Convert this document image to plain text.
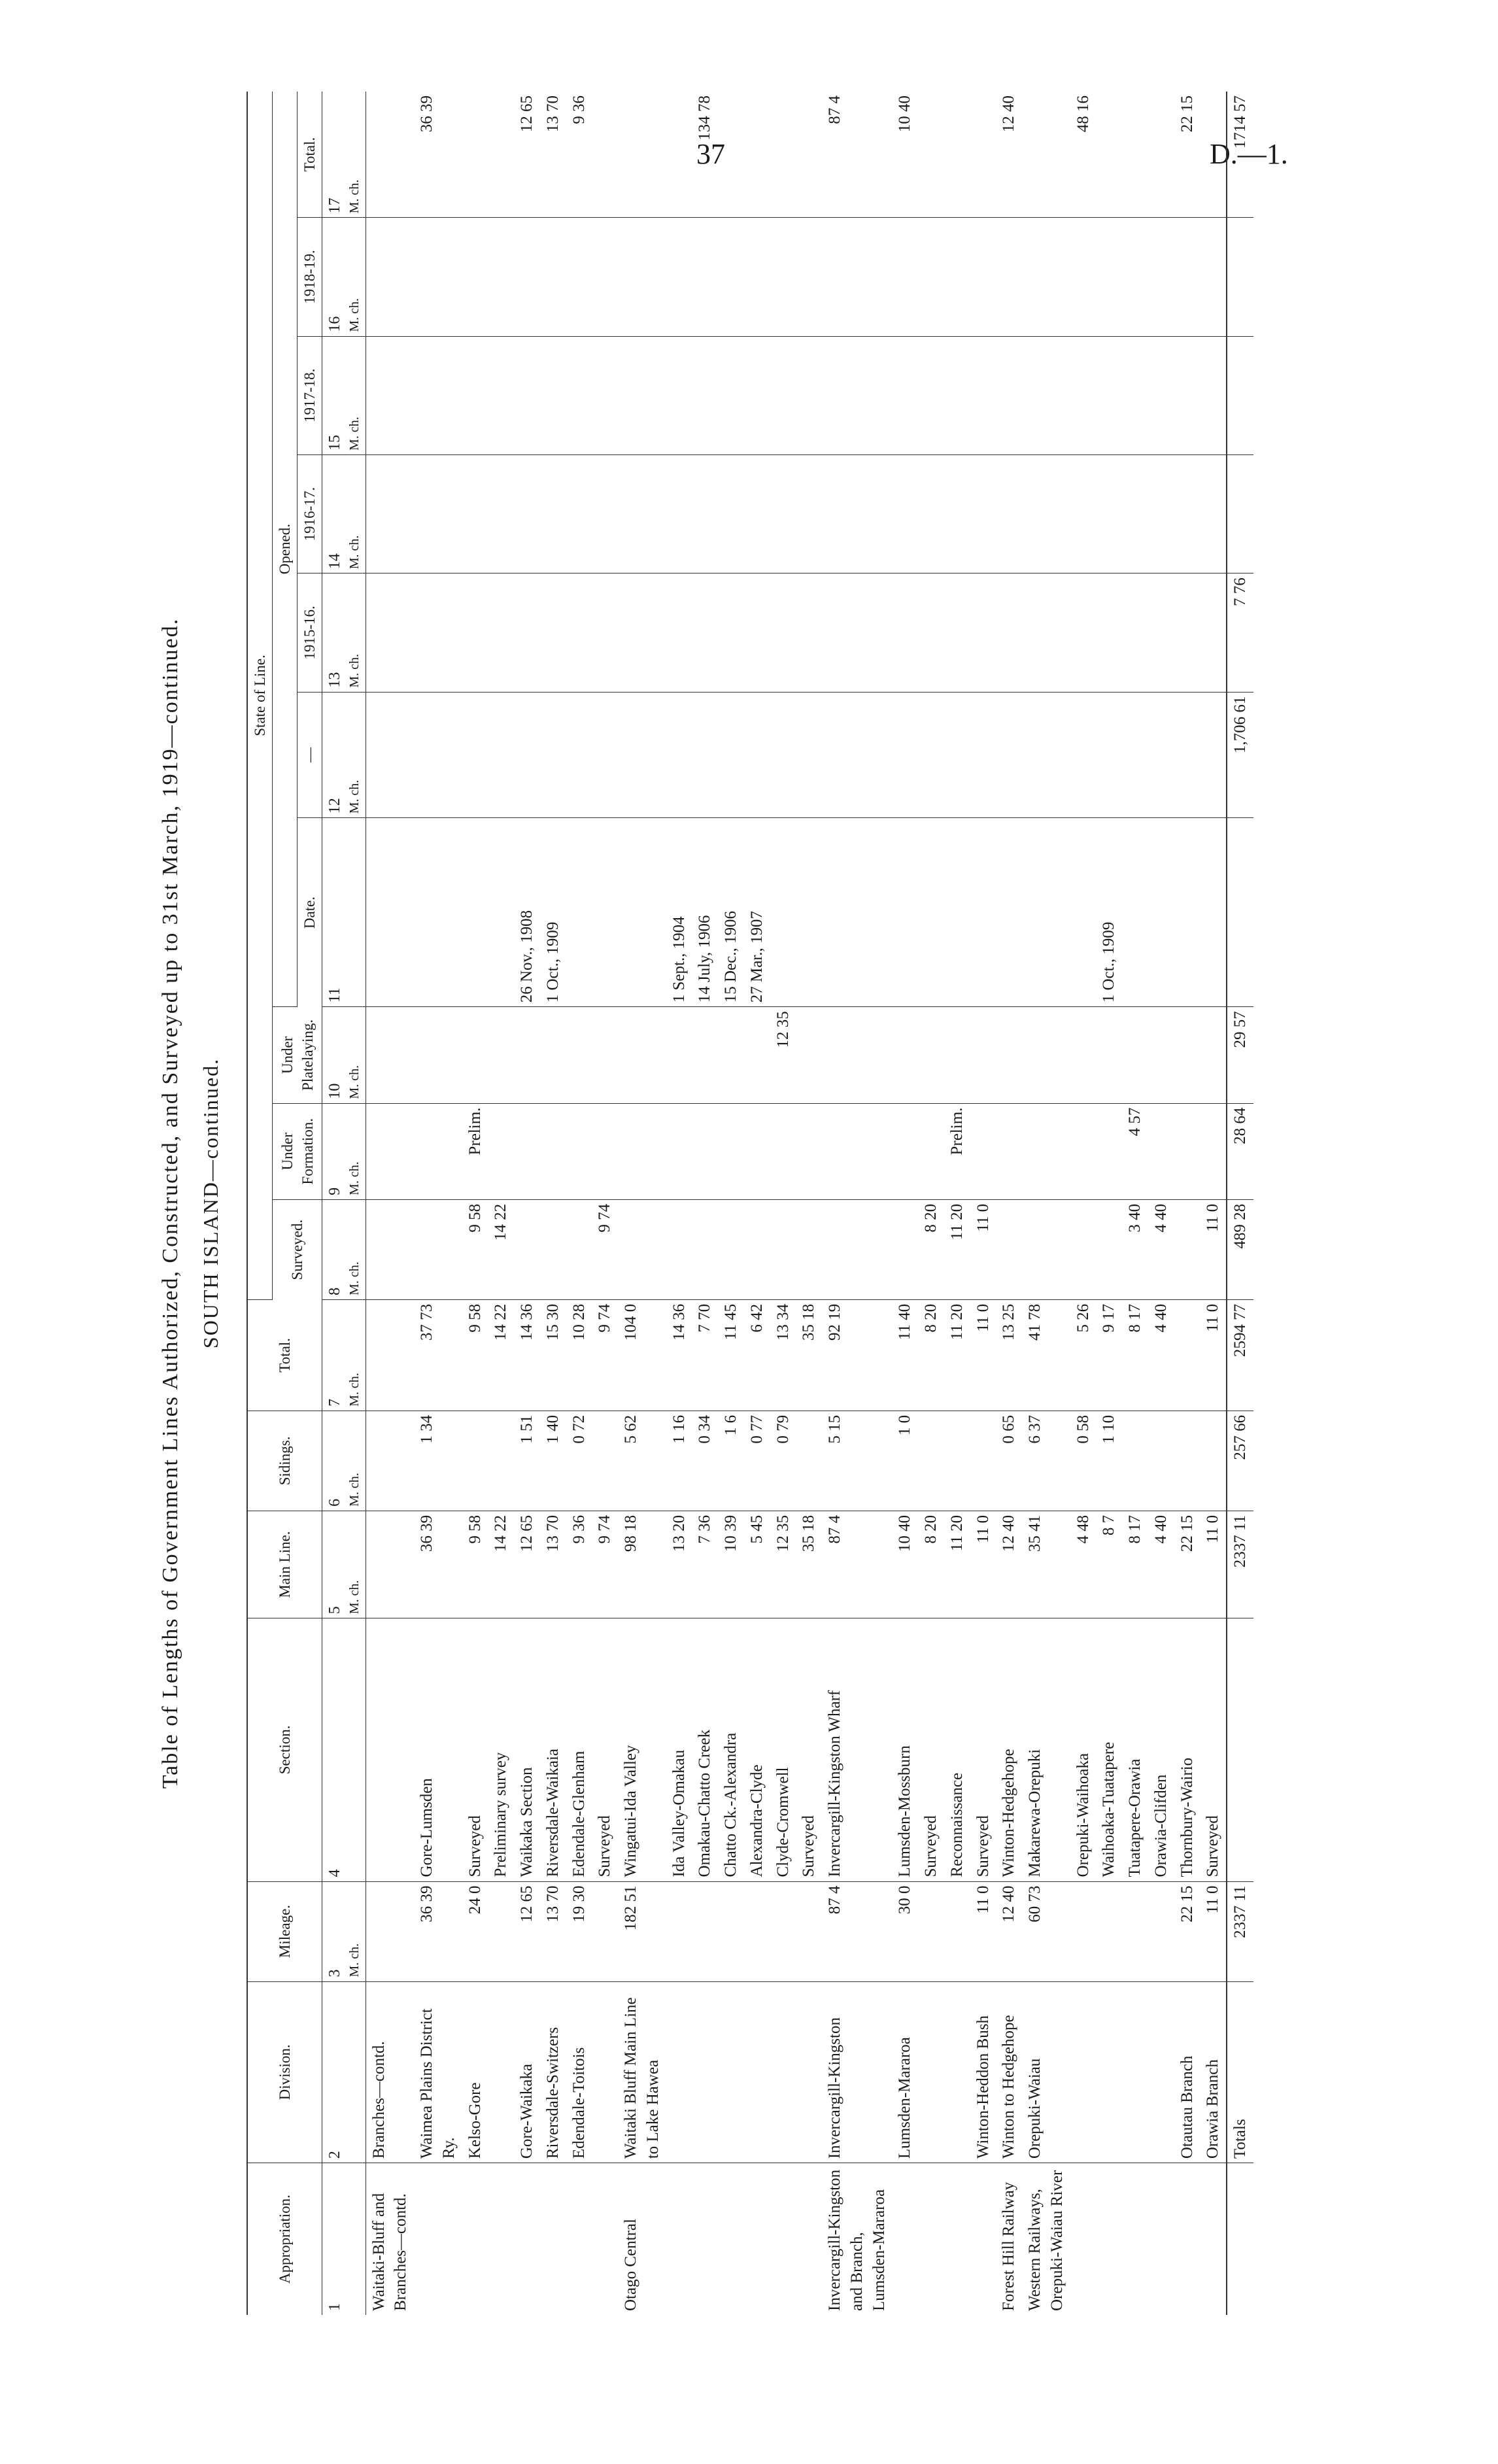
37	D.—1.
Table of Lengths of Government Lines Authorized, Constructed, and Surveyed up to 31st March, 1919—continued. SOUTH ISLAND—continued.
Appropriation.	Division.	Mileage.	Section.	Main Line.	Sidings.	Total.	State of Line.									
							Surveyed.	Under Formation.	Under Platelaying.	Opened.						
										Date.	—	1915-16.	1916-17.	1917-18.	1918-19.	Total.
1	2	3 M. ch.	4	5 M. ch.	6 M. ch.	7 M. ch.	8 M. ch.	9 M. ch.	10 M. ch.	11	12 M. ch.	13 M. ch.	14 M. ch.	15 M. ch.	16 M. ch.	17 M. ch.

Waitaki-Bluff and Branches—contd.	Branches—contd.															
	Waimea Plains District Ry.	36 39	Gore-Lumsden	36 39	1 34	37 73										36 39
	Kelso-Gore	24 0	Surveyed	9 58		9 58	9 58	Prelim.								
			Preliminary survey	14 22		14 22	14 22									
	Gore-Waikaka	12 65	Waikaka Section	12 65	1 51	14 36				26 Nov., 1908						12 65
	Riversdale-Switzers	13 70	Riversdale-Waikaia	13 70	1 40	15 30				1 Oct., 1909						13 70
	Edendale-Toitois	19 30	Edendale-Glenham	9 36	0 72	10 28										9 36
			Surveyed	9 74		9 74	9 74									
Otago Central	Waitaki Bluff Main Line to Lake Hawea	182 51	Wingatui-Ida Valley	98 18	5 62	104 0										
			Ida Valley-Omakau	13 20	1 16	14 36				1 Sept., 1904						
			Omakau-Chatto Creek	7 36	0 34	7 70				14 July, 1906						134 78
			Chatto Ck.-Alexandra	10 39	1 6	11 45				15 Dec., 1906						
			Alexandra-Clyde	5 45	0 77	6 42				27 Mar., 1907						
			Clyde-Cromwell	12 35	0 79	13 34			12 35							
			Surveyed	35 18		35 18										
Invercargill-Kingston and Branch, Lumsden-Mararoa	Invercargill-Kingston	87 4	Invercargill-Kingston Wharf	87 4	5 15	92 19										87 4
	Lumsden-Mararoa	30 0	Lumsden-Mossburn	10 40	1 0	11 40										10 40
			Surveyed	8 20		8 20	8 20									
			Reconnaissance	11 20		11 20	11 20	Prelim.								
	Winton-Heddon Bush	11 0	Surveyed	11 0		11 0	11 0									
Forest Hill Railway	Winton to Hedgehope	12 40	Winton-Hedgehope	12 40	0 65	13 25										12 40
Western Railways, Orepuki-Waiau River	Orepuki-Waiau	60 73	Makarewa-Orepuki	35 41	6 37	41 78										
			Orepuki-Waihoaka	4 48	0 58	5 26										48 16
			Waihoaka-Tuatapere	8 7	1 10	9 17				1 Oct., 1909						
			Tuatapere-Orawia	8 17		8 17	3 40	4 57								
			Orawia-Clifden	4 40		4 40	4 40									
	Otautau Branch	22 15	Thornbury-Wairio	22 15												22 15
	Orawia Branch	11 0	Surveyed	11 0		11 0	11 0									
	Totals	2337 11		2337 11	257 66	2594 77	489 28	28 64	29 57		1,706 61	7 76				1714 57
